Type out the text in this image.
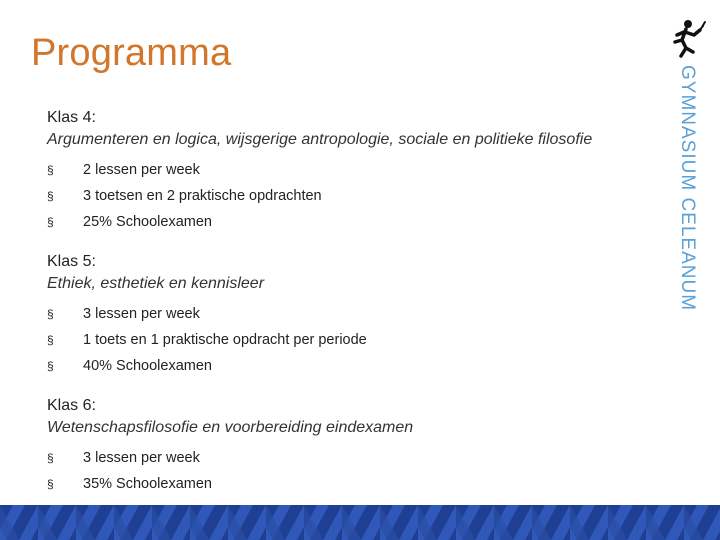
Programma
GYMNASIUM CELEANUM
Klas 4:
Argumenteren en logica, wijsgerige antropologie, sociale en politieke filosofie
§ 2 lessen per week
§ 3 toetsen en 2 praktische opdrachten
§ 25% Schoolexamen
Klas 5:
Ethiek, esthetiek en kennisleer
§ 3 lessen per week
§ 1 toets en 1 praktische opdracht per periode
§ 40% Schoolexamen
Klas 6:
Wetenschapsfilosofie en voorbereiding eindexamen
§ 3 lessen per week
§ 35% Schoolexamen
